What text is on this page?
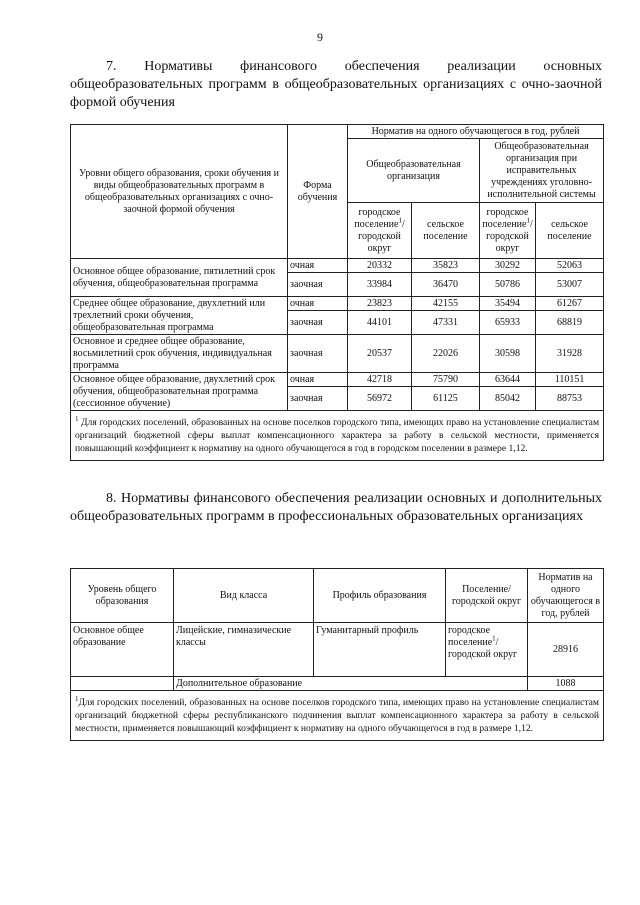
9
7. Нормативы финансового обеспечения реализации основных общеобразовательных программ в общеобразовательных организациях с очно-заочной формой обучения
Уровни общего образования, сроки обучения и виды общеобразовательных программ в общеобразовательных организациях с очно-заочной формой обучения	Форма обучения	Норматив на одного обучающегося в год, рублей			
		Общеобразовательная организация		Общеобразовательная организация при исправительных учреждениях уголовно-исполнительной системы	
		городское поселение$^1$/ городской округ	сельское поселение	городское поселение$^1$/ городской округ	сельское поселение
Основное общее образование, пятилетний срок обучения, общеобразовательная программа	очная	20332	35823	30292	52063
	заочная	33984	36470	50786	53007
Среднее общее образование, двухлетний или трехлетний сроки обучения, общеобразовательная программа	очная	23823	42155	35494	61267
	заочная	44101	47331	65933	68819
Основное и среднее общее образование, восьмилетний срок обучения, индивидуальная программа	заочная	20537	22026	30598	31928
Основное общее образование, двухлетний срок обучения, общеобразовательная программа (сессионное обучение)	очная	42718	75790	63644	110151
	заочная	56972	61125	85042	88753
$^1$ Для городских поселений, образованных на основе поселков городского типа, имеющих право на установление специалистам организаций бюджетной сферы выплат компенсационного характера за работу в сельской местности, применяется повышающий коэффициент к нормативу на одного обучающегося в год в городском поселении в размере 1,12.					
8. Нормативы финансового обеспечения реализации основных и дополнительных общеобразовательных программ в профессиональных образовательных организациях
Уровень общего образования	Вид класса	Профиль образования	Поселение/ городской округ	Норматив на одного обучающегося в год, рублей
Основное общее образование	Лицейские, гимназические классы	Гуманитарный профиль	городское поселение$^1$/ городской округ	28916
	Дополнительное образование			1088
$^1$Для городских поселений, образованных на основе поселков городского типа, имеющих право на установление специалистам организаций бюджетной сферы республиканского подчинения выплат компенсационного характера за работу в сельской местности, применяется повышающий коэффициент к нормативу на одного обучающегося в год в размере 1,12.				
